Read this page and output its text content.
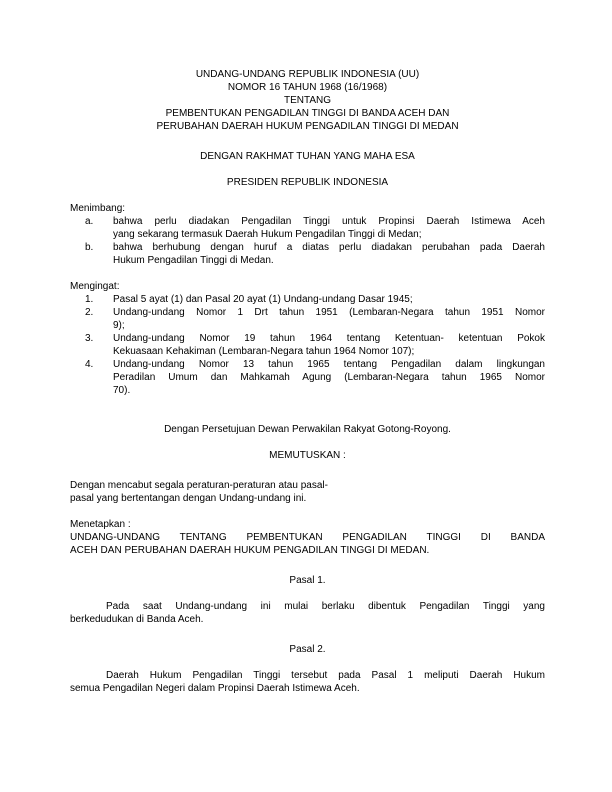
UNDANG-UNDANG REPUBLIK INDONESIA (UU)
NOMOR 16 TAHUN 1968 (16/1968)
TENTANG
PEMBENTUKAN PENGADILAN TINGGI DI BANDA ACEH DAN
PERUBAHAN DAERAH HUKUM PENGADILAN TINGGI DI MEDAN
DENGAN RAKHMAT TUHAN YANG MAHA ESA
PRESIDEN REPUBLIK INDONESIA
Menimbang:
a. bahwa perlu diadakan Pengadilan Tinggi untuk Propinsi Daerah Istimewa Aceh
yang sekarang termasuk Daerah Hukum Pengadilan Tinggi di Medan;
b. bahwa berhubung dengan huruf a diatas perlu diadakan perubahan pada Daerah
Hukum Pengadilan Tinggi di Medan.
Mengingat:
1. Pasal 5 ayat (1) dan Pasal 20 ayat (1) Undang-undang Dasar 1945;
2. Undang-undang Nomor 1 Drt tahun 1951 (Lembaran-Negara tahun 1951 Nomor
9);
3. Undang-undang Nomor 19 tahun 1964 tentang Ketentuan- ketentuan Pokok
Kekuasaan Kehakiman (Lembaran-Negara tahun 1964 Nomor 107);
4. Undang-undang Nomor 13 tahun 1965 tentang Pengadilan dalam lingkungan
Peradilan Umum dan Mahkamah Agung (Lembaran-Negara tahun 1965 Nomor
70).
Dengan Persetujuan Dewan Perwakilan Rakyat Gotong-Royong.
MEMUTUSKAN :
Dengan mencabut segala peraturan-peraturan atau pasal-
pasal yang bertentangan dengan Undang-undang ini.
Menetapkan :
UNDANG-UNDANG TENTANG PEMBENTUKAN PENGADILAN TINGGI DI BANDA
ACEH DAN PERUBAHAN DAERAH HUKUM PENGADILAN TINGGI DI MEDAN.
Pasal 1.
Pada saat Undang-undang ini mulai berlaku dibentuk Pengadilan Tinggi yang
berkedudukan di Banda Aceh.
Pasal 2.
Daerah Hukum Pengadilan Tinggi tersebut pada Pasal 1 meliputi Daerah Hukum
semua Pengadilan Negeri dalam Propinsi Daerah Istimewa Aceh.
